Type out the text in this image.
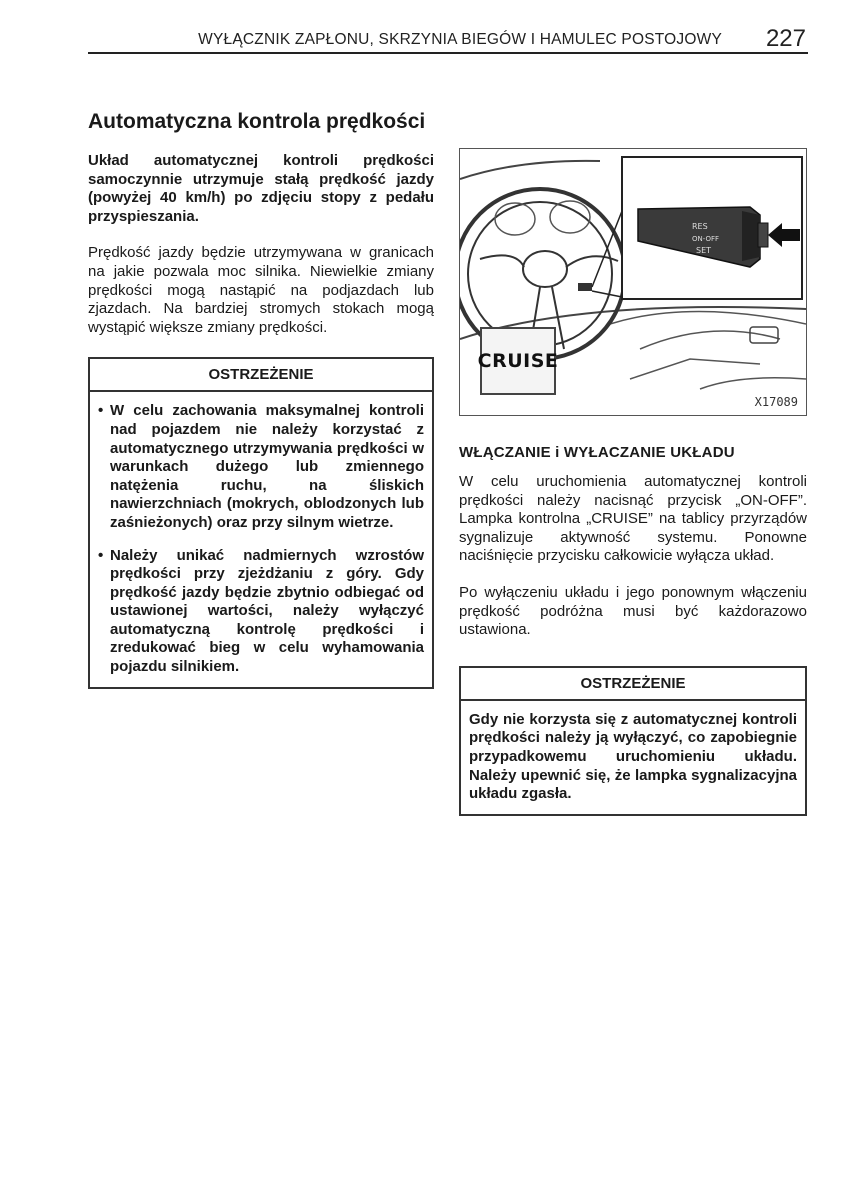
WYŁĄCZNIK ZAPŁONU, SKRZYNIA BIEGÓW I HAMULEC POSTOJOWY 227
Automatyczna kontrola prędkości

Układ automatycznej kontroli prędkości samoczynnie utrzymuje stałą prędkość jazdy (powyżej 40 km/h) po zdjęciu stopy z pedału przyspieszania.

Prędkość jazdy będzie utrzymywana w granicach na jakie pozwala moc silnika. Niewielkie zmiany prędkości mogą nastąpić na podjazdach lub zjazdach. Na bardziej stromych stokach mogą wystąpić większe zmiany prędkości.

OSTRZEŻENIE
• W celu zachowania maksymalnej kontroli nad pojazdem nie należy korzystać z automatycznego utrzymywania prędkości w warunkach dużego lub zmiennego natężenia ruchu, na śliskich nawierzchniach (mokrych, oblodzonych lub zaśnieżonych) oraz przy silnym wietrze.
• Należy unikać nadmiernych wzrostów prędkości przy zjeżdżaniu z góry. Gdy prędkość jazdy będzie zbytnio odbiegać od ustawionej wartości, należy wyłączyć automatyczną kontrolę prędkości i zredukować bieg w celu wyhamowania pojazdu silnikiem.
RES
ON-OFF
SET
CRUISE
X17089
WŁĄCZANIE i WYŁACZANIE UKŁADU

W celu uruchomienia automatycznej kontroli prędkości należy nacisnąć przycisk „ON-OFF”. Lampka kontrolna „CRUISE” na tablicy przyrządów sygnalizuje aktywność systemu. Ponowne naciśnięcie przycisku całkowicie wyłącza układ.

Po wyłączeniu układu i jego ponownym włączeniu prędkość podróżna musi być każdorazowo ustawiona.

OSTRZEŻENIE

Gdy nie korzysta się z automatycznej kontroli prędkości należy ją wyłączyć, co zapobiegnie przypadkowemu uruchomieniu układu. Należy upewnić się, że lampka sygnalizacyjna układu zgasła.
